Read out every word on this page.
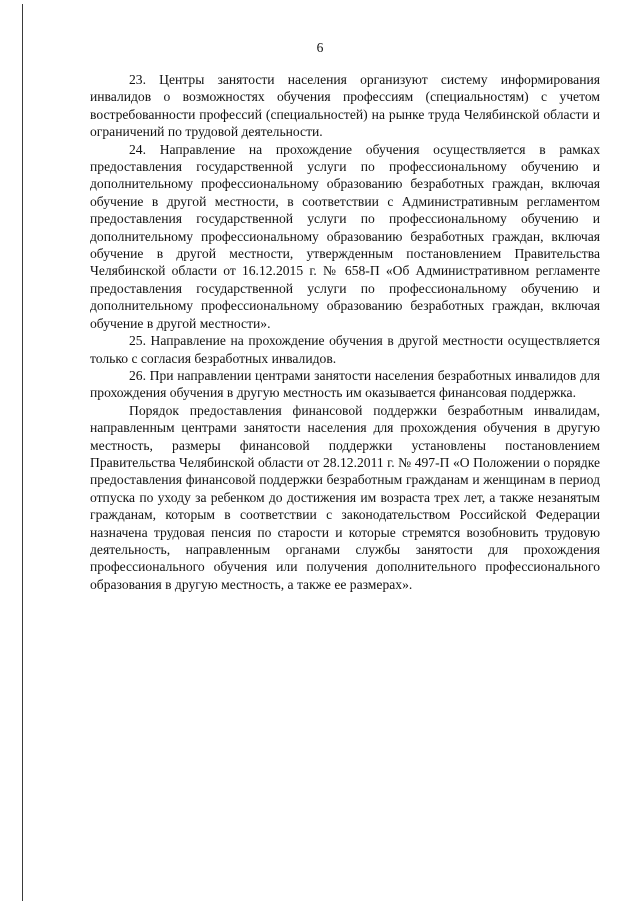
6

23. Центры занятости населения организуют систему информирования инвалидов о возможностях обучения профессиям (специальностям) с учетом востребованности профессий (специальностей) на рынке труда Челябинской области и ограничений по трудовой деятельности.

24. Направление на прохождение обучения осуществляется в рамках предоставления государственной услуги по профессиональному обучению и дополнительному профессиональному образованию безработных граждан, включая обучение в другой местности, в соответствии с Административным регламентом предоставления государственной услуги по профессиональному обучению и дополнительному профессиональному образованию безработных граждан, включая обучение в другой местности, утвержденным постановлением Правительства Челябинской области от 16.12.2015 г. № 658-П «Об Административном регламенте предоставления государственной услуги по профессиональному обучению и дополнительному профессиональному образованию безработных граждан, включая обучение в другой местности».

25. Направление на прохождение обучения в другой местности осуществляется только с согласия безработных инвалидов.

26. При направлении центрами занятости населения безработных инвалидов для прохождения обучения в другую местность им оказывается финансовая поддержка.

Порядок предоставления финансовой поддержки безработным инвалидам, направленным центрами занятости населения для прохождения обучения в другую местность, размеры финансовой поддержки установлены постановлением Правительства Челябинской области от 28.12.2011 г. № 497-П «О Положении о порядке предоставления финансовой поддержки безработным гражданам и женщинам в период отпуска по уходу за ребенком до достижения им возраста трех лет, а также незанятым гражданам, которым в соответствии с законодательством Российской Федерации назначена трудовая пенсия по старости и которые стремятся возобновить трудовую деятельность, направленным органами службы занятости для прохождения профессионального обучения или получения дополнительного профессионального образования в другую местность, а также ее размерах».
